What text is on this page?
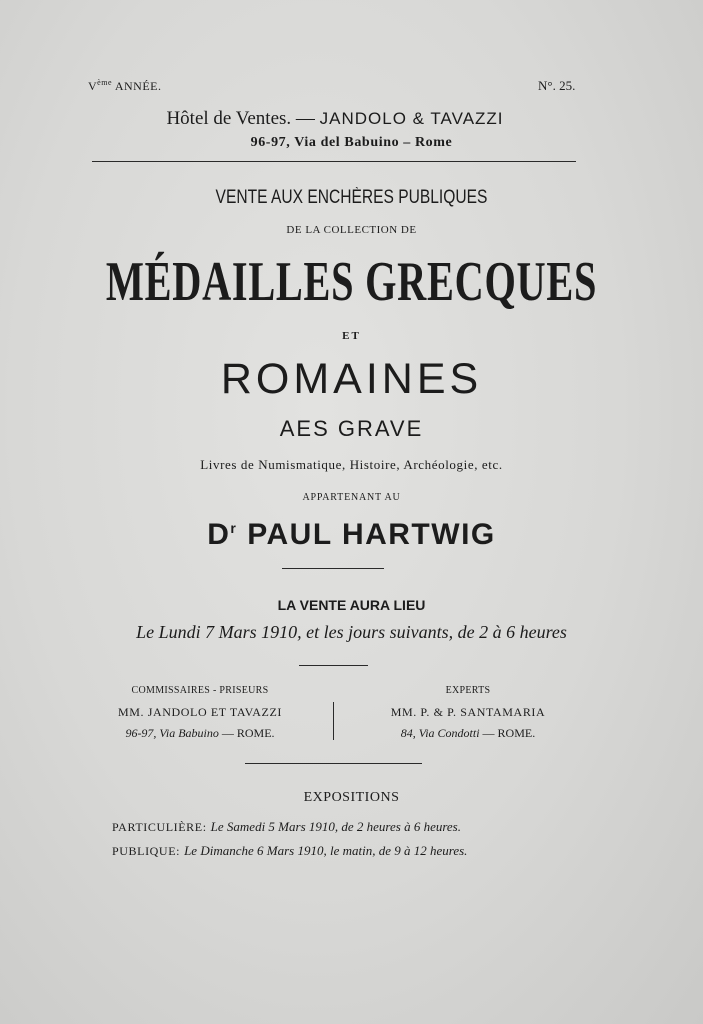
Vème ANNÉE.	N°. 25.
Hôtel de Ventes. — JANDOLO & TAVAZZI
96-97, Via del Babuino – Rome
VENTE AUX ENCHÈRES PUBLIQUES
DE LA COLLECTION DE
MÉDAILLES GRECQUES
ET
ROMAINES
AES GRAVE
Livres de Numismatique, Histoire, Archéologie, etc.
APPARTENANT AU
$D^r$ PAUL HARTWIG
LA VENTE AURA LIEU
Le Lundi 7 Mars 1910, et les jours suivants, de 2 à 6 heures
COMMISSAIRES - PRISEURS
MM. JANDOLO ET TAVAZZI
96-97, Via Babuino — ROME.
EXPERTS
MM. P. & P. SANTAMARIA
84, Via Condotti — ROME.
EXPOSITIONS
PARTICULIÈRE: Le Samedi 5 Mars 1910, de 2 heures à 6 heures.
PUBLIQUE: Le Dimanche 6 Mars 1910, le matin, de 9 à 12 heures.
